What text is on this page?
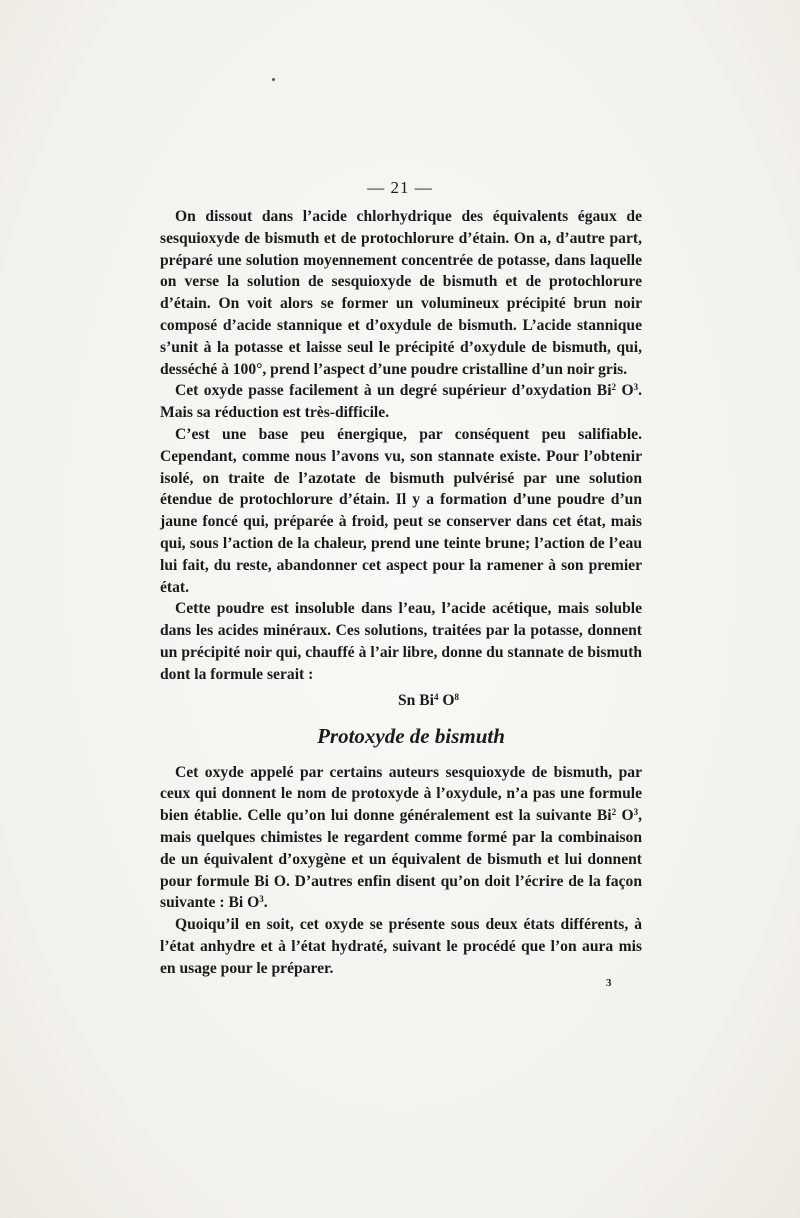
— 21 —

On dissout dans l’acide chlorhydrique des équivalents égaux de sesquioxyde de bismuth et de protochlorure d’étain. On a, d’autre part, préparé une solution moyennement concentrée de potasse, dans laquelle on verse la solution de sesquioxyde de bismuth et de protochlorure d’étain. On voit alors se former un volumineux précipité brun noir composé d’acide stannique et d’oxydule de bismuth. L’acide stannique s’unit à la potasse et laisse seul le précipité d’oxydule de bismuth, qui, desséché à 100°, prend l’aspect d’une poudre cristalline d’un noir gris.

Cet oxyde passe facilement à un degré supérieur d’oxydation Bi$^2$ $O^3$. Mais sa réduction est très-difficile.

C’est une base peu énergique, par conséquent peu salifiable. Cependant, comme nous l’avons vu, son stannate existe. Pour l’obtenir isolé, on traite de l’azotate de bismuth pulvérisé par une solution étendue de protochlorure d’étain. Il y a formation d’une poudre d’un jaune foncé qui, préparée à froid, peut se conserver dans cet état, mais qui, sous l’action de la chaleur, prend une teinte brune; l’action de l’eau lui fait, du reste, abandonner cet aspect pour la ramener à son premier état.

Cette poudre est insoluble dans l’eau, l’acide acétique, mais soluble dans les acides minéraux. Ces solutions, traitées par la potasse, donnent un précipité noir qui, chauffé à l’air libre, donne du stannate de bismuth dont la formule serait :

Sn Bi$^4$ $O^8$
Protoxyde de bismuth

Cet oxyde appelé par certains auteurs sesquioxyde de bismuth, par ceux qui donnent le nom de protoxyde à l’oxydule, n’a pas une formule bien établie. Celle qu’on lui donne généralement est la suivante Bi$^2$ $O^3$, mais quelques chimistes le regardent comme formé par la combinaison de un équivalent d’oxygène et un équivalent de bismuth et lui donnent pour formule Bi O. D’autres enfin disent qu’on doit l’écrire de la façon suivante : Bi $O^3$.

Quoiqu’il en soit, cet oxyde se présente sous deux états différents, à l’état anhydre et à l’état hydraté, suivant le procédé que l’on aura mis en usage pour le préparer.

3
